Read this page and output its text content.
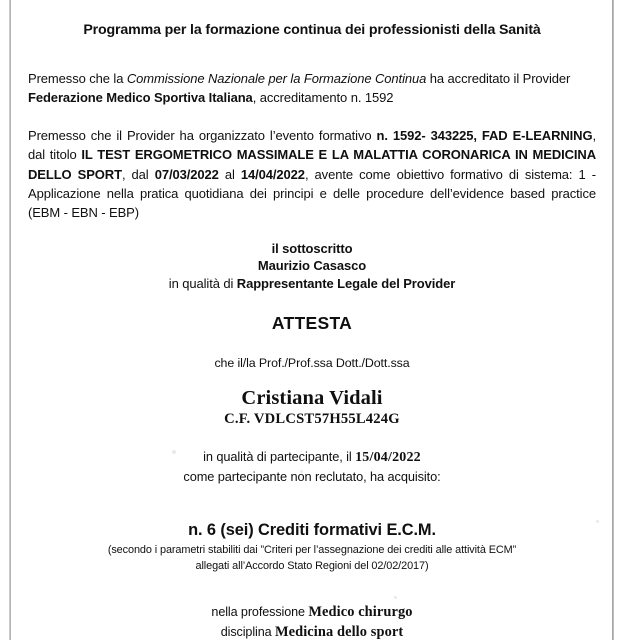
Programma per la formazione continua dei professionisti della Sanità

Premesso che la Commissione Nazionale per la Formazione Continua ha accreditato il Provider Federazione Medico Sportiva Italiana, accreditamento n. 1592

Premesso che il Provider ha organizzato l’evento formativo n. 1592- 343225, FAD E-LEARNING, dal titolo IL TEST ERGOMETRICO MASSIMALE E LA MALATTIA CORONARICA IN MEDICINA DELLO SPORT, dal 07/03/2022 al 14/04/2022, avente come obiettivo formativo di sistema: 1 - Applicazione nella pratica quotidiana dei principi e delle procedure dell’evidence based practice (EBM - EBN - EBP)

il sottoscritto
Maurizio Casasco
in qualità di Rappresentante Legale del Provider
ATTESTA
che il/la Prof./Prof.ssa Dott./Dott.ssa
Cristiana Vidali
C.F. VDLCST57H55L424G
in qualità di partecipante, il 15/04/2022
come partecipante non reclutato, ha acquisito:
n. 6 (sei) Crediti formativi E.C.M.
(secondo i parametri stabiliti dai ”Criteri per l’assegnazione dei crediti alle attività ECM”
allegati all’Accordo Stato Regioni del 02/02/2017)
nella professione Medico chirurgo
disciplina Medicina dello sport
